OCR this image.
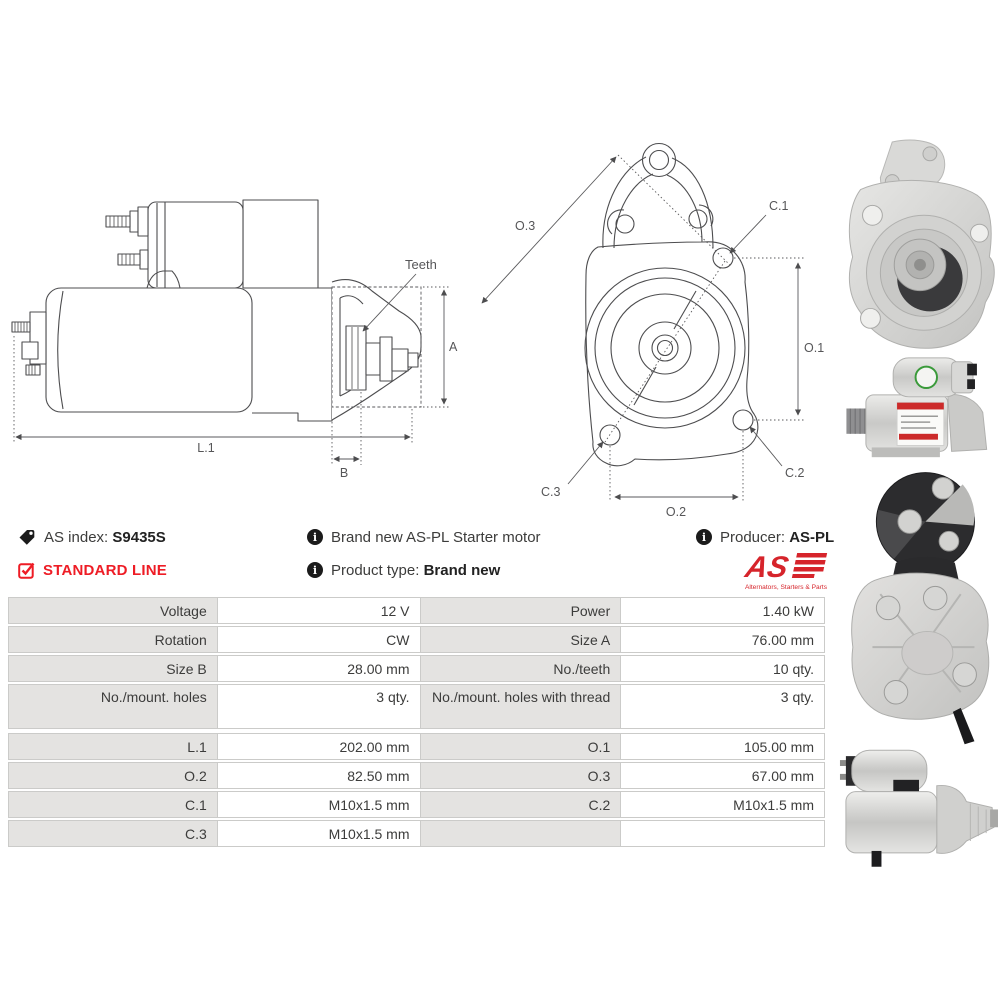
L.1
A
B
Teeth
O.3
O.1
O.2
C.1
C.2
C.3
AS index: S9435S	i Brand new AS-PL Starter motor	i Producer: AS-PL
STANDARD LINE	i Product type: Brand new	AS
Alternators, Starters & Parts
Voltage	12 V	Power	1.40 kW
Rotation	CW	Size A	76.00 mm
Size B	28.00 mm	No./teeth	10 qty.
No./mount. holes	3 qty.	No./mount. holes with thread	3 qty.
L.1	202.00 mm	O.1	105.00 mm
O.2	82.50 mm	O.3	67.00 mm
C.1	M10x1.5 mm	C.2	M10x1.5 mm
C.3	M10x1.5 mm
